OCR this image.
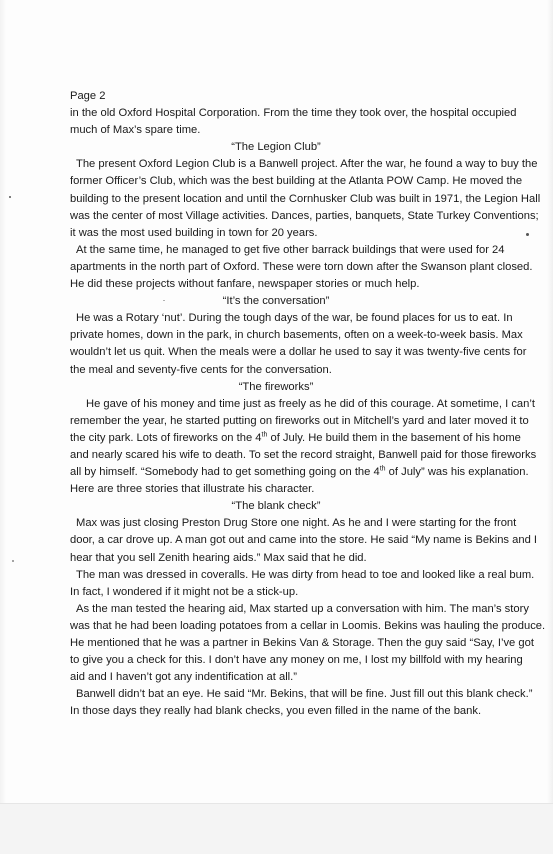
Page 2
in the old Oxford Hospital Corporation. From the time they took over, the hospital occupied
much of Max’s spare time.
“The Legion Club”
The present Oxford Legion Club is a Banwell project. After the war, he found a way to buy the
former Officer’s Club, which was the best building at the Atlanta POW Camp. He moved the
building to the present location and until the Cornhusker Club was built in 1971, the Legion Hall
was the center of most Village activities. Dances, parties, banquets, State Turkey Conventions;
it was the most used building in town for 20 years.
At the same time, he managed to get five other barrack buildings that were used for 24
apartments in the north part of Oxford. These were torn down after the Swanson plant closed.
He did these projects without fanfare, newspaper stories or much help.
“It’s the conversation”
He was a Rotary ‘nut’. During the tough days of the war, be found places for us to eat. In
private homes, down in the park, in church basements, often on a week-to-week basis. Max
wouldn’t let us quit. When the meals were a dollar he used to say it was twenty-five cents for
the meal and seventy-five cents for the conversation.
“The fireworks”
He gave of his money and time just as freely as he did of this courage. At sometime, I can’t
remember the year, he started putting on fireworks out in Mitchell’s yard and later moved it to
the city park. Lots of fireworks on the 4th of July. He build them in the basement of his home
and nearly scared his wife to death. To set the record straight, Banwell paid for those fireworks
all by himself. “Somebody had to get something going on the 4th of July” was his explanation.
Here are three stories that illustrate his character.
“The blank check”
Max was just closing Preston Drug Store one night. As he and I were starting for the front
door, a car drove up. A man got out and came into the store. He said “My name is Bekins and I
hear that you sell Zenith hearing aids.” Max said that he did.
The man was dressed in coveralls. He was dirty from head to toe and looked like a real bum.
In fact, I wondered if it might not be a stick-up.
As the man tested the hearing aid, Max started up a conversation with him. The man’s story
was that he had been loading potatoes from a cellar in Loomis. Bekins was hauling the produce.
He mentioned that he was a partner in Bekins Van & Storage. Then the guy said “Say, I’ve got
to give you a check for this. I don’t have any money on me, I lost my billfold with my hearing
aid and I haven’t got any indentification at all.”
Banwell didn’t bat an eye. He said “Mr. Bekins, that will be fine. Just fill out this blank check.”
In those days they really had blank checks, you even filled in the name of the bank.
